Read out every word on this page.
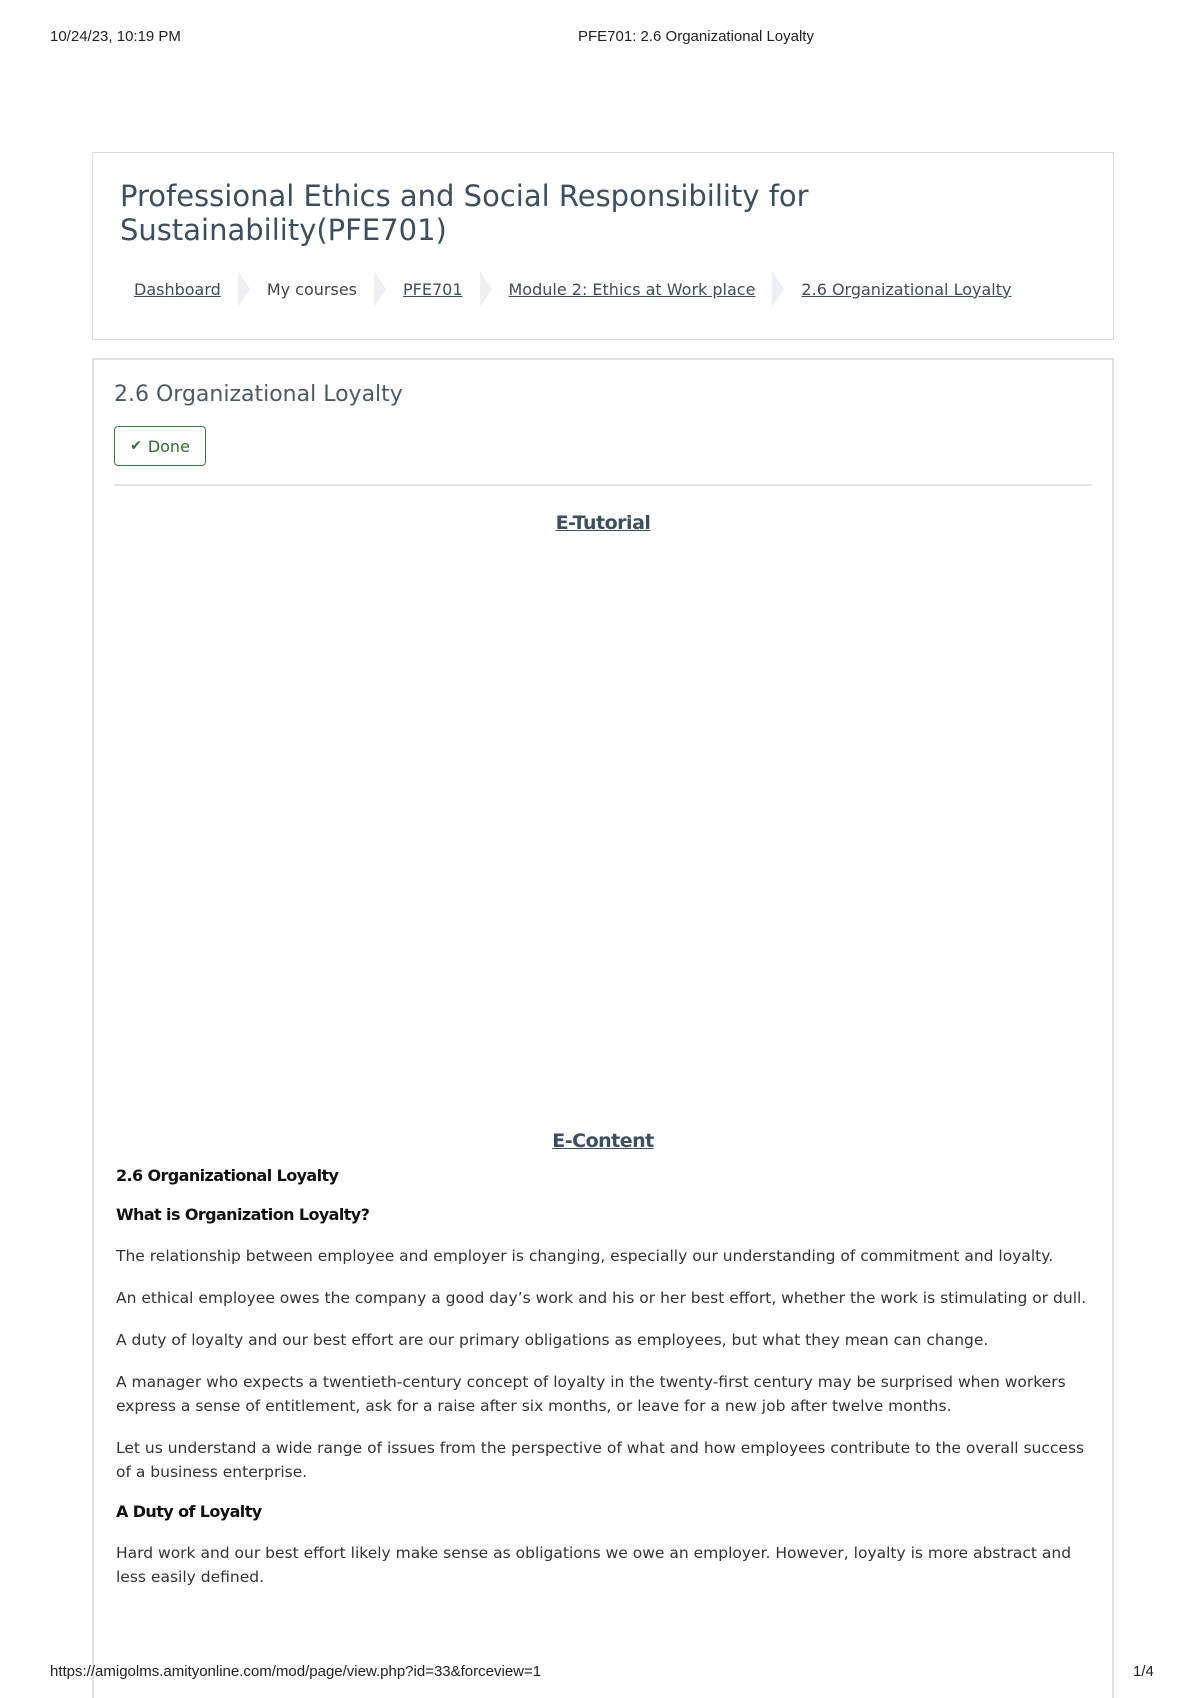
10/24/23, 10:19 PM	PFE701: 2.6 Organizational Loyalty
Professional Ethics and Social Responsibility for Sustainability(PFE701)
Dashboard	My courses	PFE701	Module 2: Ethics at Work place	2.6 Organizational Loyalty
2.6 Organizational Loyalty
✔ Done
E-Tutorial
E-Content

2.6 Organizational Loyalty

What is Organization Loyalty?

The relationship between employee and employer is changing, especially our understanding of commitment and loyalty.

An ethical employee owes the company a good day’s work and his or her best effort, whether the work is stimulating or dull.

A duty of loyalty and our best effort are our primary obligations as employees, but what they mean can change.

A manager who expects a twentieth-century concept of loyalty in the twenty-first century may be surprised when workers express a sense of entitlement, ask for a raise after six months, or leave for a new job after twelve months.

Let us understand a wide range of issues from the perspective of what and how employees contribute to the overall success of a business enterprise.

A Duty of Loyalty

Hard work and our best effort likely make sense as obligations we owe an employer. However, loyalty is more abstract and less easily defined.

https://amigolms.amityonline.com/mod/page/view.php?id=33&forceview=1	1/4
